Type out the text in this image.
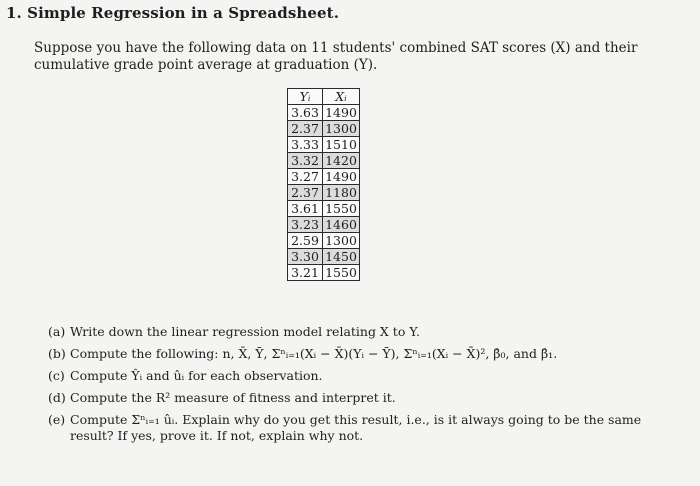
1. Simple Regression in a Spreadsheet.
Suppose you have the following data on 11 students' combined SAT scores (X) and their cumulative grade point average at graduation (Y).
Yᵢ	Xᵢ
3.63	1490
2.37	1300
3.33	1510
3.32	1420
3.27	1490
2.37	1180
3.61	1550
3.23	1460
2.59	1300
3.30	1450
3.21	1550
(a) Write down the linear regression model relating X to Y.
(b) Compute the following: n, X̄, Ȳ, Σⁿᵢ₌₁(Xᵢ − X̄)(Yᵢ − Ȳ), Σⁿᵢ₌₁(Xᵢ − X̄)², β̂₀, and β̂₁.
(c) Compute Ŷᵢ and ûᵢ for each observation.
(d) Compute the R² measure of fitness and interpret it.
(e) Compute Σⁿᵢ₌₁ ûᵢ. Explain why do you get this result, i.e., is it always going to be the same
result? If yes, prove it. If not, explain why not.
